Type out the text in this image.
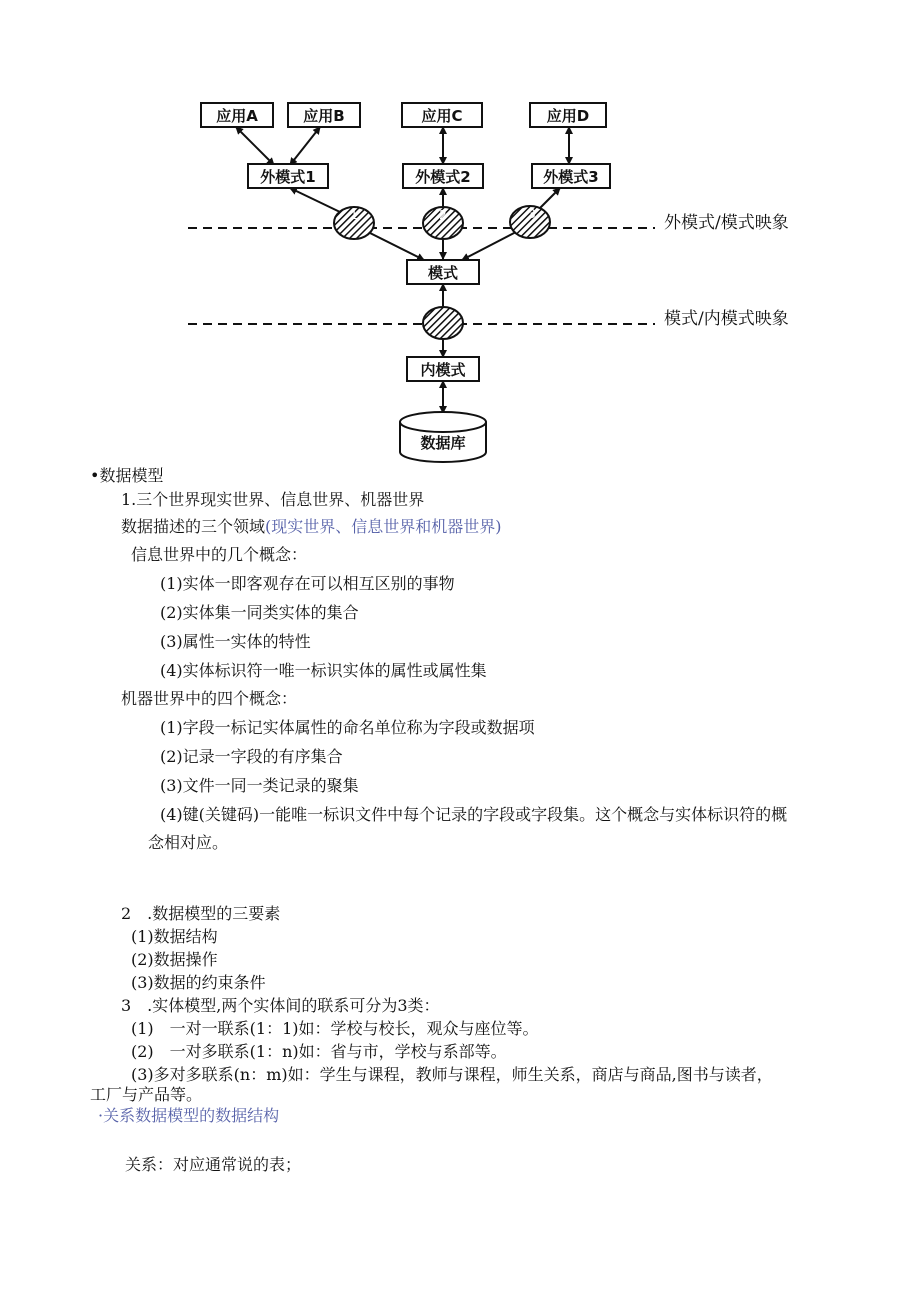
应用A	应用B	应用C	应用D
外模式1	外模式2	外模式3
1	2	3
模式
内模式
数据库
外模式/模式映象
模式/内模式映象
•数据模型
1.三个世界现实世界、信息世界、机器世界
数据描述的三个领域(现实世界、信息世界和机器世界)
信息世界中的几个概念：
(1)实体一即客观存在可以相互区别的事物
(2)实体集一同类实体的集合
(3)属性一实体的特性
(4)实体标识符一唯一标识实体的属性或属性集
机器世界中的四个概念：
(1)字段一标记实体属性的命名单位称为字段或数据项
(2)记录一字段的有序集合
(3)文件一同一类记录的聚集
(4)键(关键码)一能唯一标识文件中每个记录的字段或字段集。这个概念与实体标识符的概
念相对应。
2　.数据模型的三要素
(1)数据结构
(2)数据操作
(3)数据的约束条件
3　.实体模型,两个实体间的联系可分为3类：
(1)　一对一联系(1：1)如：学校与校长，观众与座位等。
(2)　一对多联系(1：n)如：省与市，学校与系部等。
(3)多对多联系(n：m)如：学生与课程，教师与课程，师生关系，商店与商品,图书与读者，
工厂与产品等。
·关系数据模型的数据结构
关系：对应通常说的表；
